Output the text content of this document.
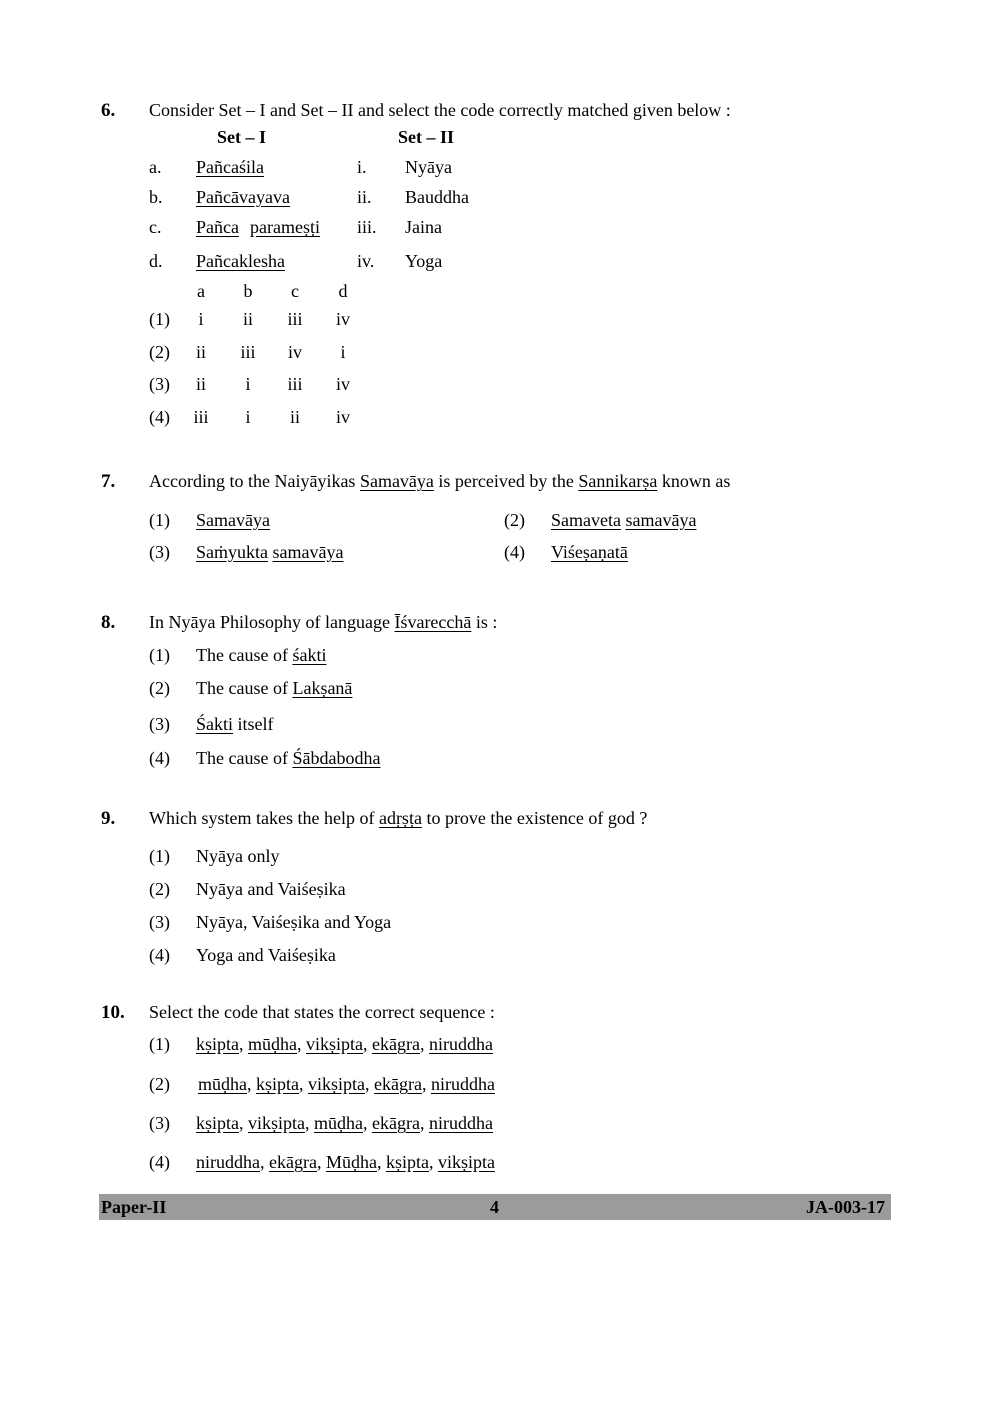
6. Consider Set – I and Set – II and select the code correctly matched given below :
Set – I	Set – II
a. Pañcaśila	i. Nyāya
b. Pañcāvayava	ii. Bauddha
c. Pañca parameṣṭi iii. Jaina
d. Pañcaklesha	iv. Yoga
a	b	c	d
(1)	i	ii	iii	iv
(2)	ii	iii	iv	i
(3)	ii	i	iii	iv
(4)	iii	i	ii	iv
7. According to the Naiyāyikas Samavāya is perceived by the Sannikarṣa known as
(1) Samavāya	(2) Samaveta samavāya
(3) Saṁyukta samavāya	(4) Viśeṣaṇatā
8. In Nyāya Philosophy of language Īśvarecchā is :
(1) The cause of śakti
(2) The cause of Lakṣanā
(3) Śakti itself
(4) The cause of Śābdabodha
9. Which system takes the help of adṛṣṭa to prove the existence of god ?
(1) Nyāya only
(2) Nyāya and Vaiśeṣika
(3) Nyāya, Vaiśeṣika and Yoga
(4) Yoga and Vaiśeṣika
10. Select the code that states the correct sequence :
(1) kṣipta, mūḍha, vikṣipta, ekāgra, niruddha
(2) mūḍha, kṣipta, vikṣipta, ekāgra, niruddha
(3) kṣipta, vikṣipta, mūḍha, ekāgra, niruddha
(4) niruddha, ekāgra, Mūḍha, kṣipta, vikṣipta
Paper-II	4	JA-003-17
